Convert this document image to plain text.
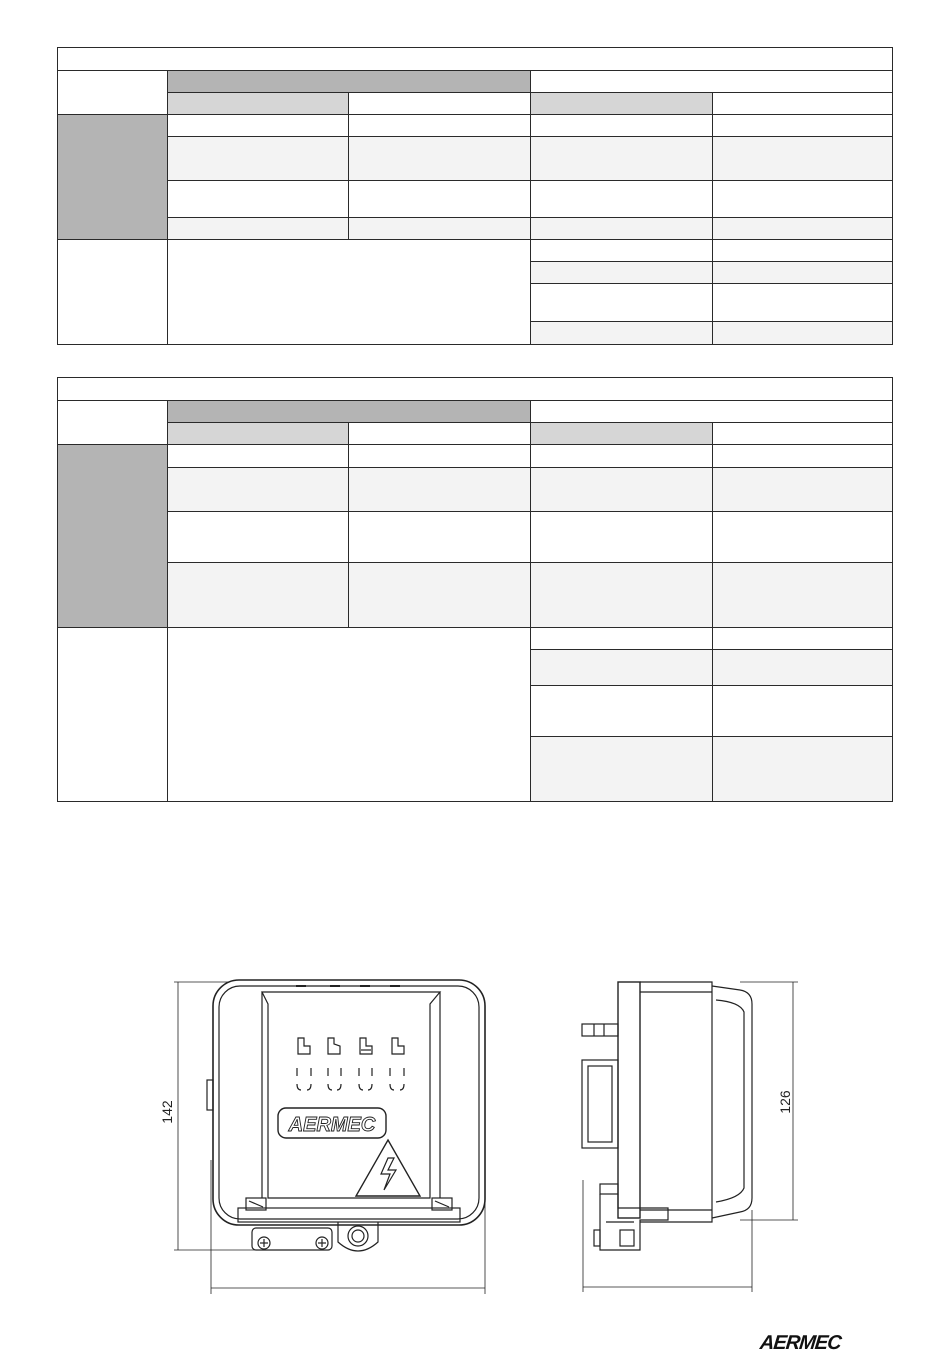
AERMEC
142	126
AERMEC
